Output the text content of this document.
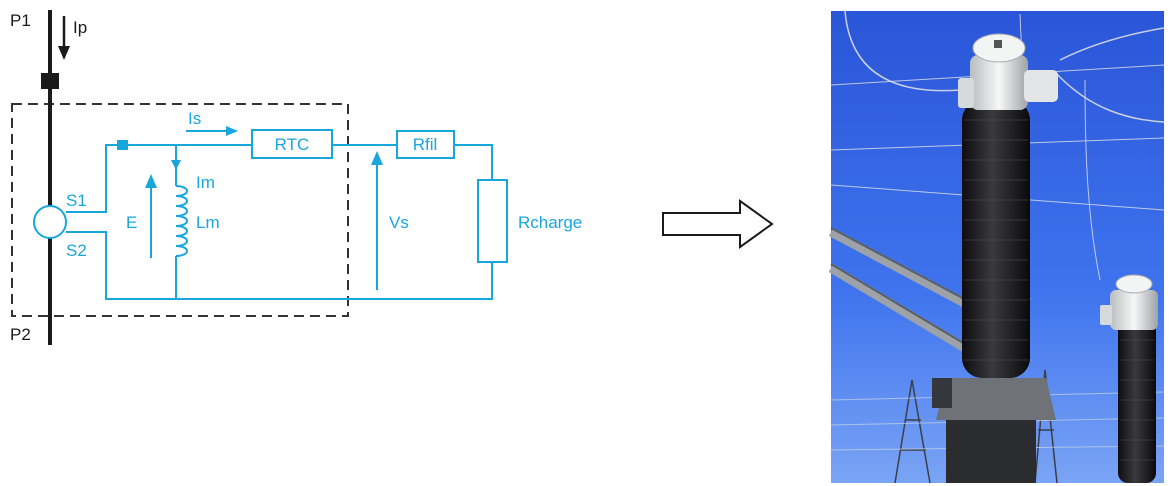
P1 Ip
P2
Is
Im
Lm
E
S1
S2
RTC
Vs
Rfil
Rcharge
